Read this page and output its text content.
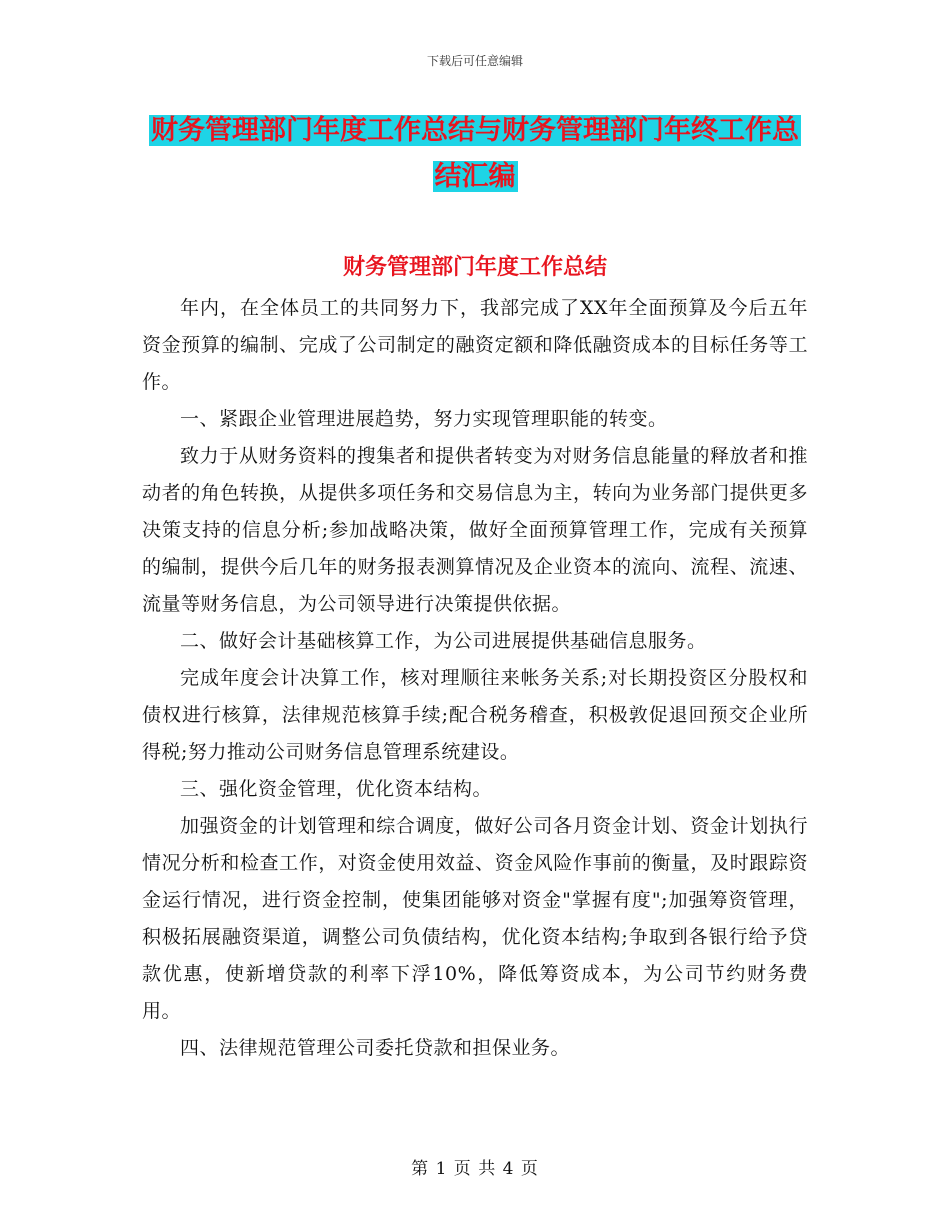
下载后可任意编辑
财务管理部门年度工作总结与财务管理部门年终工作总结汇编
财务管理部门年度工作总结

年内，在全体员工的共同努力下，我部完成了XX年全面预算及今后五年资金预算的编制、完成了公司制定的融资定额和降低融资成本的目标任务等工作。

一、紧跟企业管理进展趋势，努力实现管理职能的转变。

致力于从财务资料的搜集者和提供者转变为对财务信息能量的释放者和推动者的角色转换，从提供多项任务和交易信息为主，转向为业务部门提供更多决策支持的信息分析;参加战略决策，做好全面预算管理工作，完成有关预算的编制，提供今后几年的财务报表测算情况及企业资本的流向、流程、流速、流量等财务信息，为公司领导进行决策提供依据。

二、做好会计基础核算工作，为公司进展提供基础信息服务。

完成年度会计决算工作，核对理顺往来帐务关系;对长期投资区分股权和债权进行核算，法律规范核算手续;配合税务稽查，积极敦促退回预交企业所得税;努力推动公司财务信息管理系统建设。

三、强化资金管理，优化资本结构。

加强资金的计划管理和综合调度，做好公司各月资金计划、资金计划执行情况分析和检查工作，对资金使用效益、资金风险作事前的衡量，及时跟踪资金运行情况，进行资金控制，使集团能够对资金"掌握有度";加强筹资管理，积极拓展融资渠道，调整公司负债结构，优化资本结构;争取到各银行给予贷款优惠，使新增贷款的利率下浮10%，降低筹资成本，为公司节约财务费用。

四、法律规范管理公司委托贷款和担保业务。

第 1 页 共 4 页
